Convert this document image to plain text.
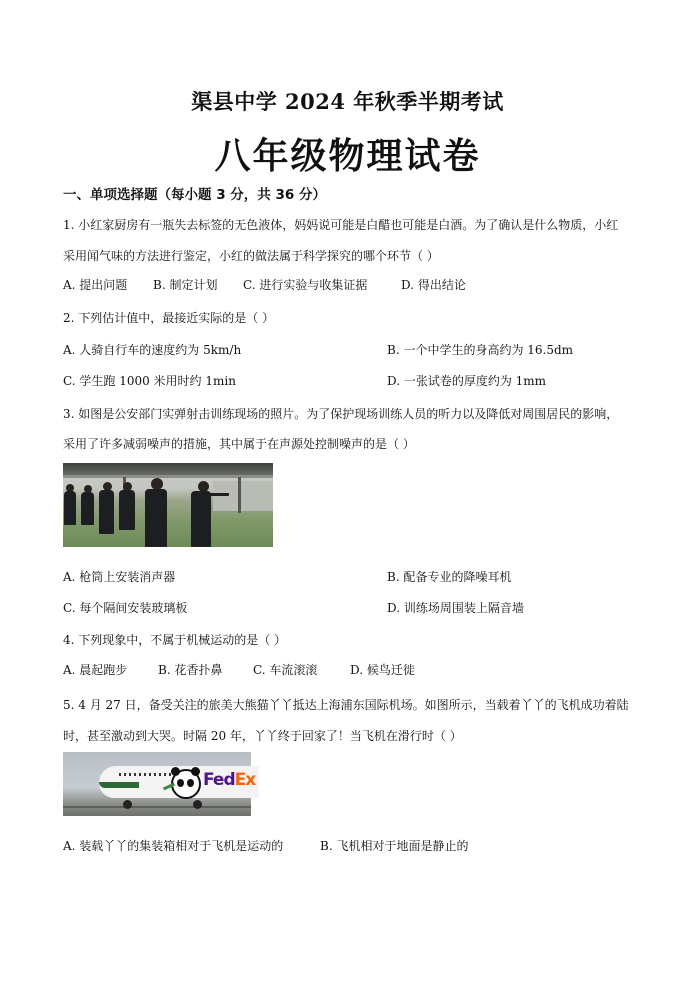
渠县中学 2024 年秋季半期考试
八年级物理试卷
一、单项选择题（每小题 3 分，共 36 分）
1. 小红家厨房有一瓶失去标签的无色液体，妈妈说可能是白醋也可能是白酒。为了确认是什么物质，小红
采用闻气味的方法进行鉴定，小红的做法属于科学探究的哪个环节（ ）
A. 提出问题 B. 制定计划 C. 进行实验与收集证据	D. 得出结论
2. 下列估计值中，最接近实际的是（ ）
A. 人骑自行车的速度约为 5km/h	B. 一个中学生的身高约为 16.5dm
C. 学生跑 1000 米用时约 1min	D. 一张试卷的厚度约为 1mm
3. 如图是公安部门实弹射击训练现场的照片。为了保护现场训练人员的听力以及降低对周围居民的影响，
采用了许多减弱噪声的措施，其中属于在声源处控制噪声的是（ ）
A. 枪筒上安装消声器	B. 配备专业的降噪耳机
C. 每个隔间安装玻璃板	D. 训练场周围装上隔音墙
4. 下列现象中，不属于机械运动的是（ ）
A. 晨起跑步	B. 花香扑鼻	C. 车流滚滚	D. 候鸟迁徙
5. 4 月 27 日，备受关注的旅美大熊猫丫丫抵达上海浦东国际机场。如图所示，当载着丫丫的飞机成功着陆
时，甚至激动到大哭。时隔 20 年，丫丫终于回家了！当飞机在滑行时（ ）
FedEx
A. 装载丫丫的集装箱相对于飞机是运动的	B. 飞机相对于地面是静止的
